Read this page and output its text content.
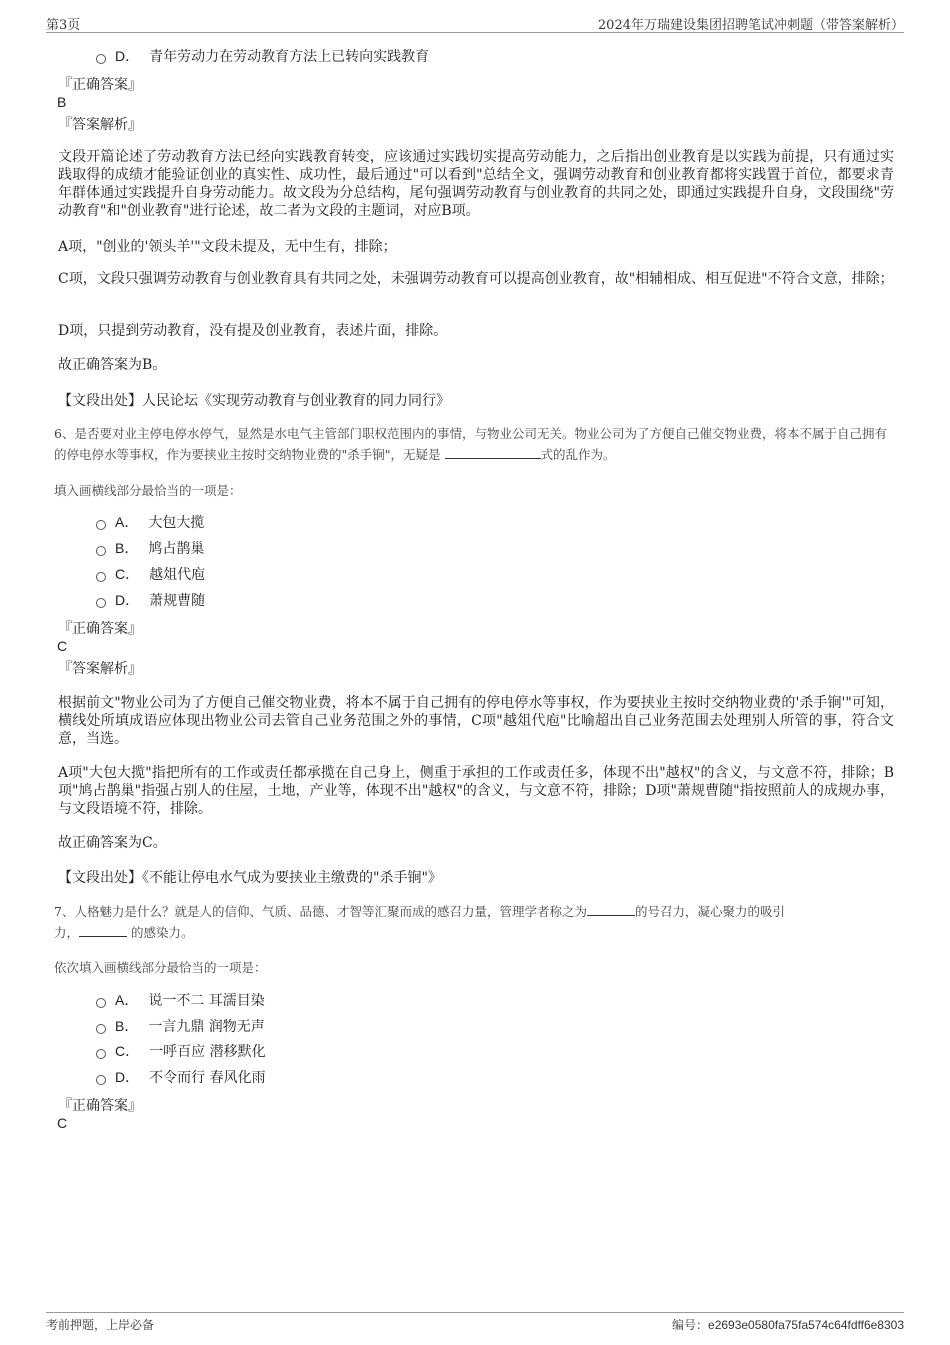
第3页	2024年万瑞建设集团招聘笔试冲刺题（带答案解析）
D． 青年劳动力在劳动教育方法上已转向实践教育
『正确答案』
B
『答案解析』
文段开篇论述了劳动教育方法已经向实践教育转变，应该通过实践切实提高劳动能力，之后指出创业教育是以实践为前提，只有通过实践取得的成绩才能验证创业的真实性、成功性，最后通过"可以看到"总结全文，强调劳动教育和创业教育都将实践置于首位，都要求青年群体通过实践提升自身劳动能力。故文段为分总结构，尾句强调劳动教育与创业教育的共同之处，即通过实践提升自身，文段围绕"劳动教育"和"创业教育"进行论述，故二者为文段的主题词，对应B项。
A项，"创业的'领头羊'"文段未提及，无中生有，排除；
C项，文段只强调劳动教育与创业教育具有共同之处，未强调劳动教育可以提高创业教育，故"相辅相成、相互促进"不符合文意，排除；
D项，只提到劳动教育，没有提及创业教育，表述片面，排除。
故正确答案为B。
【文段出处】人民论坛《实现劳动教育与创业教育的同力同行》
6、是否要对业主停电停水停气，显然是水电气主管部门职权范围内的事情，与物业公司无关。物业公司为了方便自己催交物业费，将本不属于自己拥有的停电停水等事权，作为要挟业主按时交纳物业费的"杀手锏"，无疑是	式的乱作为。
填入画横线部分最恰当的一项是：
A． 大包大揽
B． 鸠占鹊巢
C． 越俎代庖
D． 萧规曹随
『正确答案』
C
『答案解析』
根据前文"物业公司为了方便自己催交物业费，将本不属于自己拥有的停电停水等事权，作为要挟业主按时交纳物业费的'杀手锏'"可知，横线处所填成语应体现出物业公司去管自己业务范围之外的事情，C项"越俎代庖"比喻超出自己业务范围去处理别人所管的事，符合文意，当选。
A项"大包大揽"指把所有的工作或责任都承揽在自己身上，侧重于承担的工作或责任多，体现不出"越权"的含义，与文意不符，排除；B项"鸠占鹊巢"指强占别人的住屋，土地，产业等，体现不出"越权"的含义，与文意不符，排除；D项"萧规曹随"指按照前人的成规办事，与文段语境不符，排除。
故正确答案为C。
【文段出处】《不能让停电水气成为要挟业主缴费的"杀手锏"》
7、人格魅力是什么？就是人的信仰、气质、品德、才智等汇聚而成的感召力量，管理学者称之为	的号召力，凝心聚力的吸引
力，	的感染力。
依次填入画横线部分最恰当的一项是：
A． 说一不二 耳濡目染
B． 一言九鼎 润物无声
C． 一呼百应 潜移默化
D． 不令而行 春风化雨
『正确答案』
C
考前押题，上岸必备	编号：e2693e0580fa75fa574c64fdff6e8303
